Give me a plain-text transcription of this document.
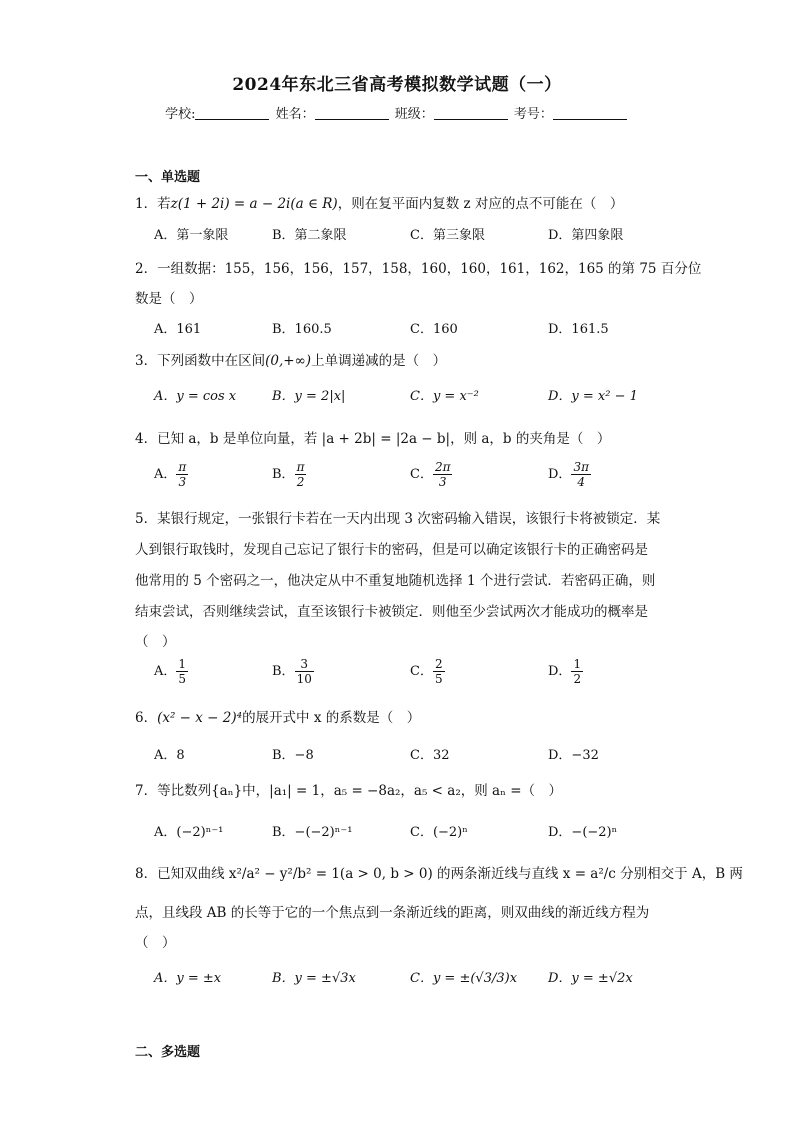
2024年东北三省高考模拟数学试题（一）
学校:	姓名：	班级：	考号：
一、单选题
1．若z(1 + 2i) = a − 2i(a ∈ R)，则在复平面内复数 z 对应的点不可能在（　）
A．第一象限	B．第二象限	C．第三象限	D．第四象限
2．一组数据：155，156，156，157，158，160，160，161，162，165 的第 75 百分位
数是（　）
A．161	B．160.5	C．160	D．161.5
3．下列函数中在区间(0,+∞)上单调递减的是（　）
A．y = cos x	B．y = 2|x|	C．y = x⁻²	D．y = x² − 1
4．已知 a，b 是单位向量，若 |a + 2b| = |2a − b|，则 a，b 的夹角是（　）
A． $\frac{\pi}{3}$	B． $\frac{\pi}{2}$	C． $\frac{2\pi}{3}$	D． $\frac{3\pi}{4}$
5．某银行规定，一张银行卡若在一天内出现 3 次密码输入错误，该银行卡将被锁定．某
人到银行取钱时，发现自己忘记了银行卡的密码，但是可以确定该银行卡的正确密码是
他常用的 5 个密码之一，他决定从中不重复地随机选择 1 个进行尝试．若密码正确，则
结束尝试，否则继续尝试，直至该银行卡被锁定．则他至少尝试两次才能成功的概率是
（　）
A． $\frac{1}{5}$	B． $\frac{3}{10}$	C． $\frac{2}{5}$	D． $\frac{1}{2}$
6．(x² − x − 2)⁴的展开式中 x 的系数是（　）
A．8	B．−8	C．32	D．−32
7．等比数列{aₙ}中，|a₁| = 1，a₅ = −8a₂，a₅ < a₂，则 aₙ =（　）
A．(−2)ⁿ⁻¹	B．−(−2)ⁿ⁻¹	C．(−2)ⁿ	D．−(−2)ⁿ
8．已知双曲线 x²/a² − y²/b² = 1(a > 0, b > 0) 的两条渐近线与直线 x = a²/c 分别相交于 A，B 两
点，且线段 AB 的长等于它的一个焦点到一条渐近线的距离，则双曲线的渐近线方程为
（　）
A．y = ±x	B．y = ±√3x	C．y = ±(√3/3)x D．y = ±√2x
二、多选题
